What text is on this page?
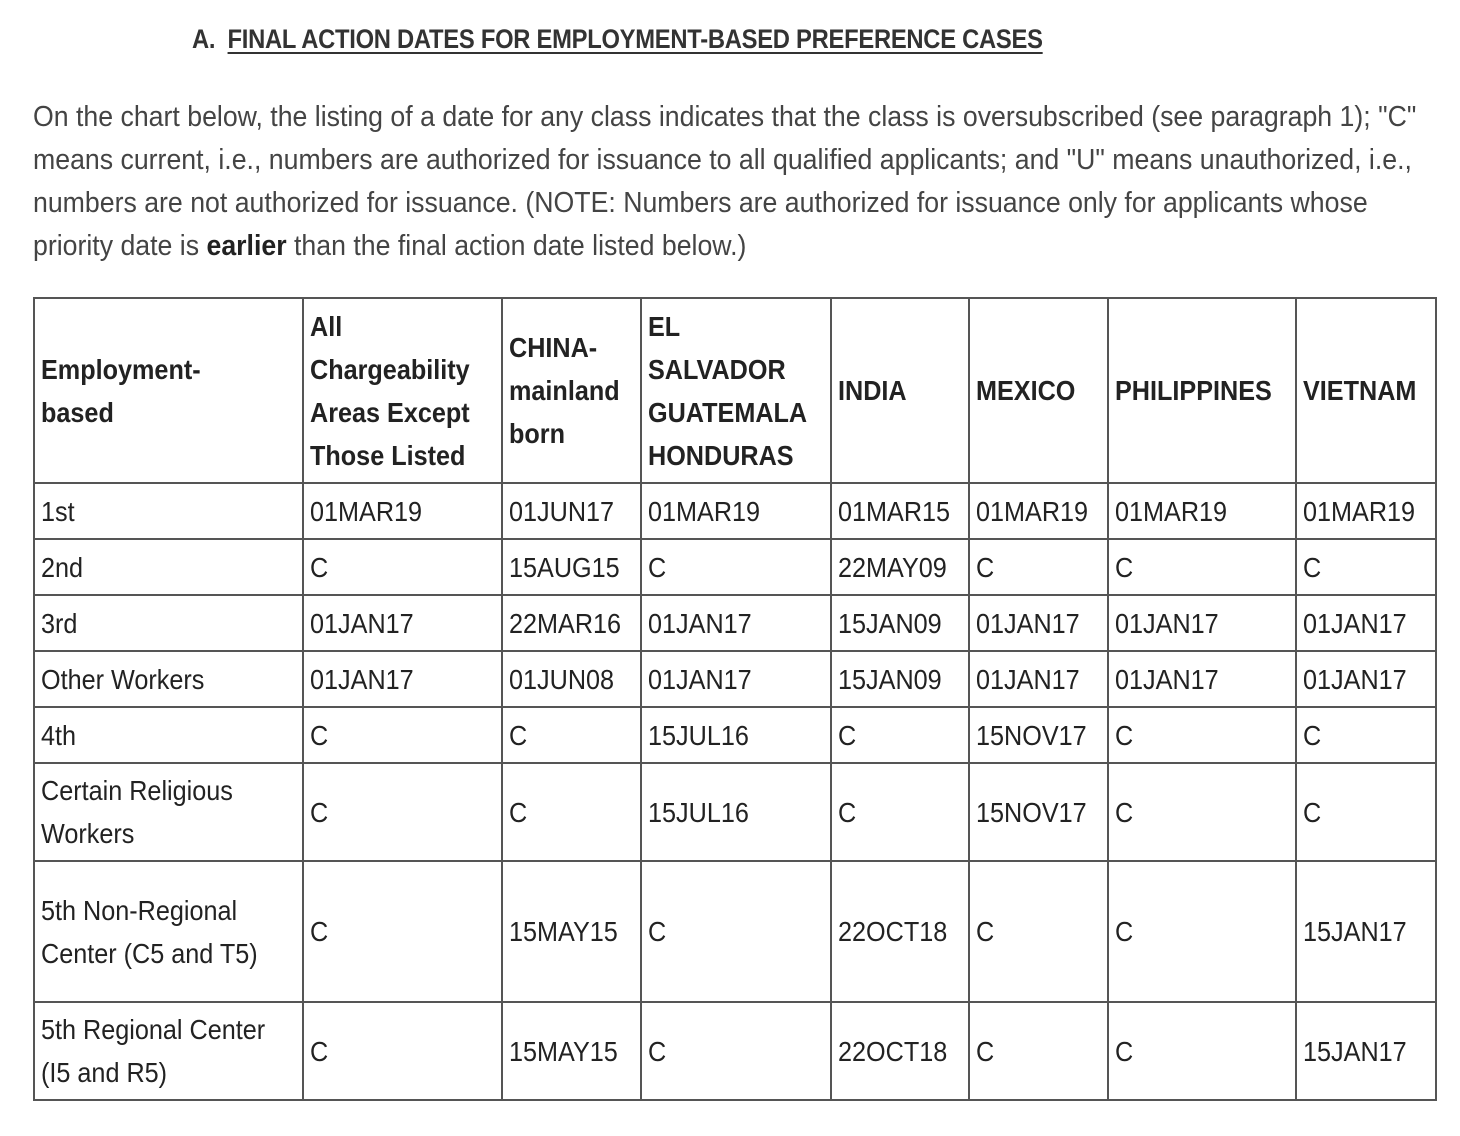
A. FINAL ACTION DATES FOR EMPLOYMENT-BASED PREFERENCE CASES

On the chart below, the listing of a date for any class indicates that the class is oversubscribed (see paragraph 1); "C" means current, i.e., numbers are authorized for issuance to all qualified applicants; and "U" means unauthorized, i.e., numbers are not authorized for issuance. (NOTE: Numbers are authorized for issuance only for applicants whose priority date is earlier than the final action date listed below.)

Employment-based	All Chargeability Areas Except Those Listed	CHINA-mainland born	EL SALVADOR GUATEMALA HONDURAS	INDIA	MEXICO	PHILIPPINES	VIETNAM
1st	01MAR19	01JUN17	01MAR19	01MAR15	01MAR19	01MAR19	01MAR19
2nd	C	15AUG15	C	22MAY09	C	C	C
3rd	01JAN17	22MAR16	01JAN17	15JAN09	01JAN17	01JAN17	01JAN17
Other Workers	01JAN17	01JUN08	01JAN17	15JAN09	01JAN17	01JAN17	01JAN17
4th	C	C	15JUL16	C	15NOV17	C	C
Certain Religious Workers	C	C	15JUL16	C	15NOV17	C	C
5th Non-Regional Center (C5 and T5)	C	15MAY15	C	22OCT18	C	C	15JAN17
5th Regional Center (I5 and R5)	C	15MAY15	C	22OCT18	C	C	15JAN17
